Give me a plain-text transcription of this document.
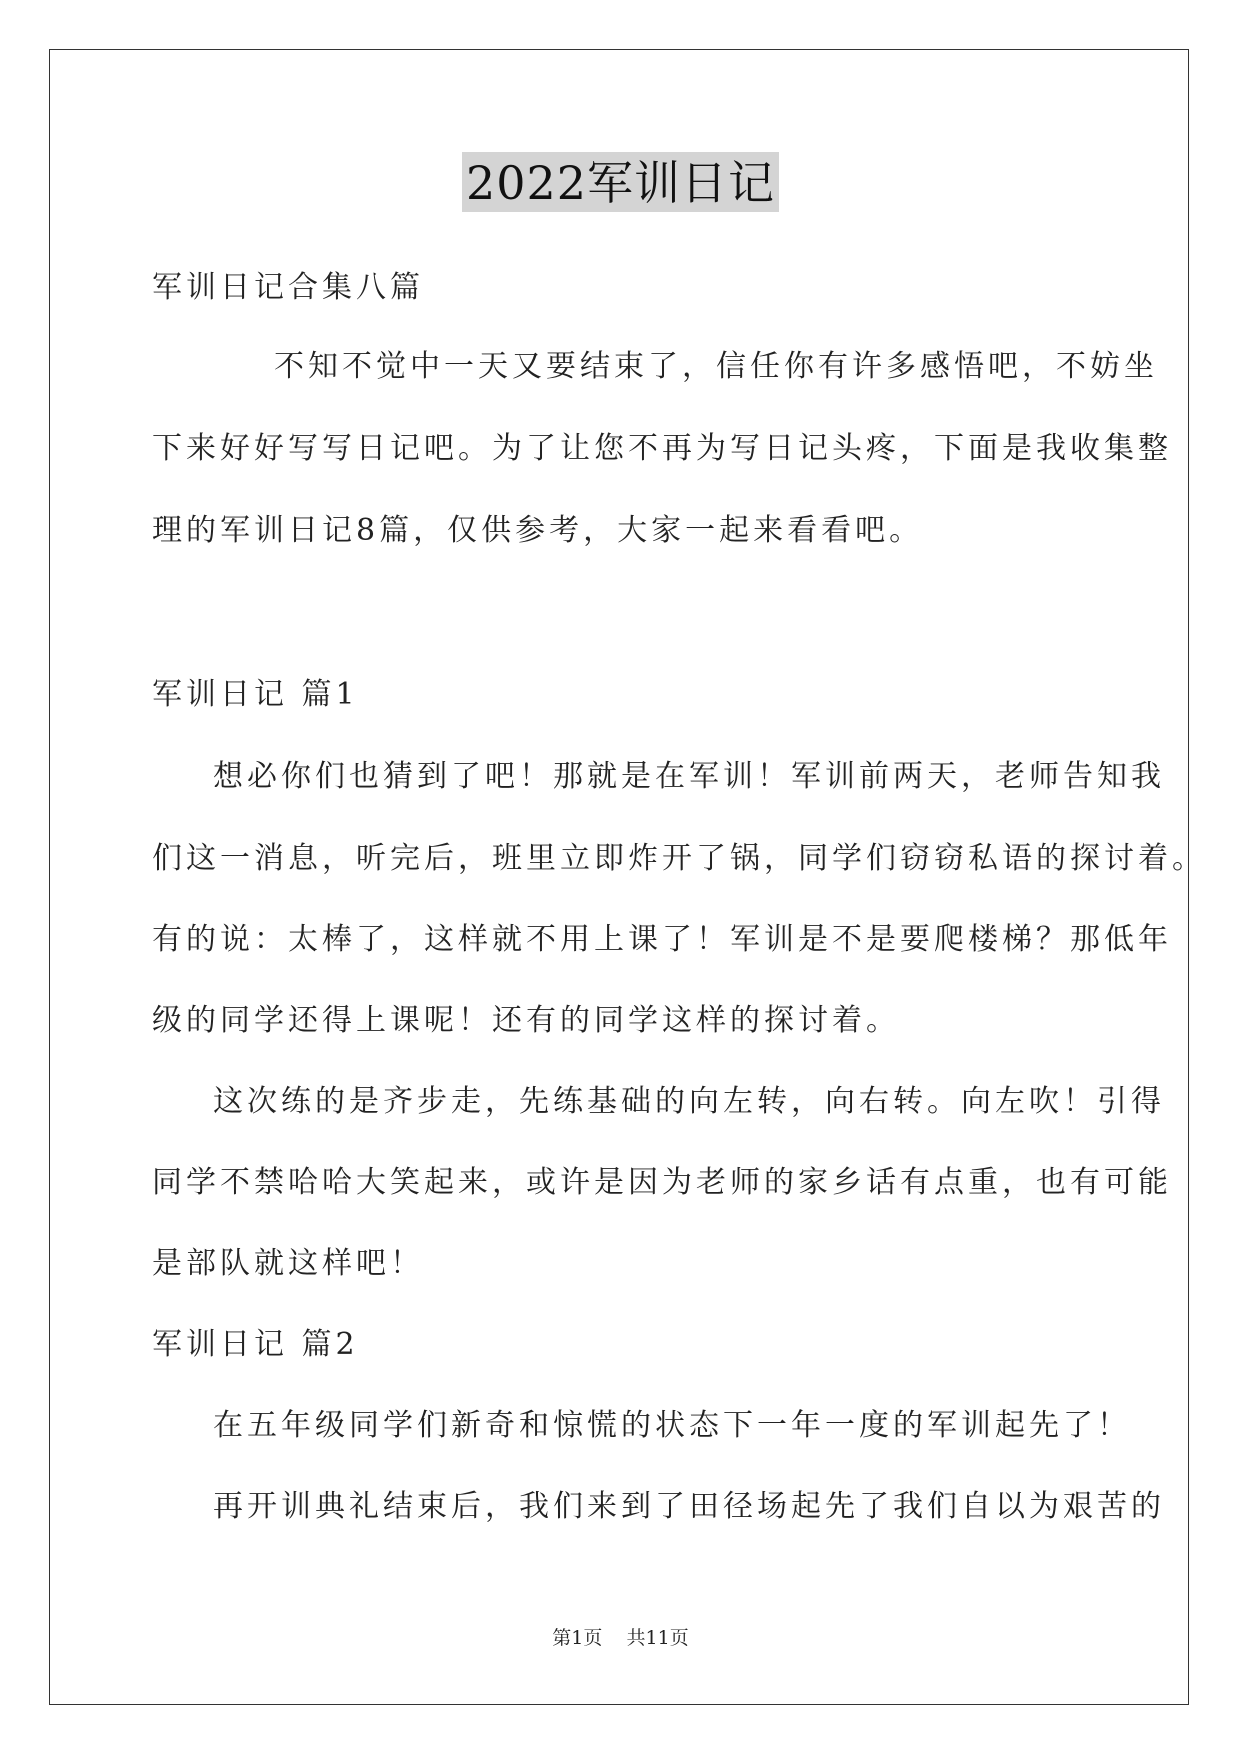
2022军训日记
军训日记合集八篇
不知不觉中一天又要结束了，信任你有许多感悟吧，不妨坐
下来好好写写日记吧。为了让您不再为写日记头疼，下面是我收集整
理的军训日记8篇，仅供参考，大家一起来看看吧。
军训日记 篇1
想必你们也猜到了吧！那就是在军训！军训前两天，老师告知我
们这一消息，听完后，班里立即炸开了锅，同学们窃窃私语的探讨着。
有的说：太棒了，这样就不用上课了！军训是不是要爬楼梯？那低年
级的同学还得上课呢！还有的同学这样的探讨着。
这次练的是齐步走，先练基础的向左转，向右转。向左吹！引得
同学不禁哈哈大笑起来，或许是因为老师的家乡话有点重，也有可能
是部队就这样吧！
军训日记 篇2
在五年级同学们新奇和惊慌的状态下一年一度的军训起先了！
再开训典礼结束后，我们来到了田径场起先了我们自以为艰苦的
第1页 共11页
